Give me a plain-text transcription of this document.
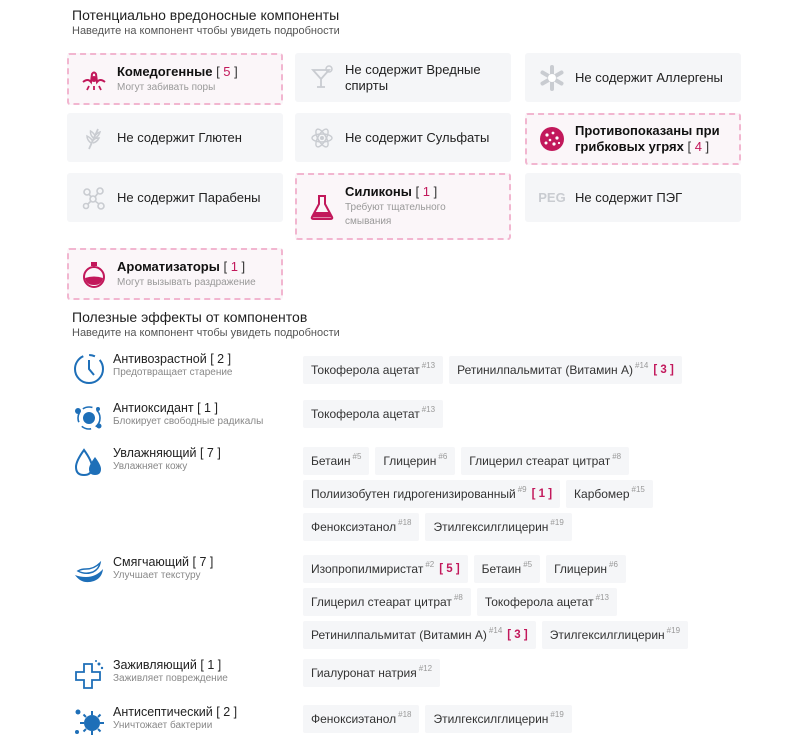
Потенциально вредоносные компоненты
Наведите на компонент чтобы увидеть подробности
Комедогенные [ 5 ]
Могут забивать поры
Не содержит Вредные спирты
Не содержит Аллергены
Не содержит Глютен	Не содержит Сульфаты	Противопоказаны при грибковых угрях [ 4 ]
Не содержит Парабены	Силиконы [ 1 ]
Требуют тщательного смывания
PEG Не содержит ПЭГ
Ароматизаторы [ 1 ]
Могут вызывать раздражение
Полезные эффекты от компонентов
Наведите на компонент чтобы увидеть подробности
Антивозрастной [ 2 ]
Предотвращает старение	Токоферола ацетат $^{\#13}$ Ретинилпальмитат (Витамин А) $^{\#14}$ [ 3 ]
Антиоксидант [ 1 ]
Блокирует свободные радикалы
Токоферола ацетат $^{\#13}$
Увлажняющий [ 7 ]
Увлажняет кожу	Бетаин $^{\#5}$ Глицерин $^{\#6}$ Глицерил стеарат цитрат $^{\#8}$
Полиизобутен гидрогенизированный $^{\#9}$ [ 1 ] Карбомер $^{\#15}$
Феноксиэтанол $^{\#18}$ Этилгексилглицерин $^{\#19}$
Смягчающий [ 7 ]
Улучшает текстуру	Изопропилмиристат $^{\#2}$ [ 5 ] Бетаин $^{\#5}$ Глицерин $^{\#6}$
Глицерил стеарат цитрат $^{\#8}$ Токоферола ацетат $^{\#13}$
Ретинилпальмитат (Витамин А) $^{\#14}$ [ 3 ] Этилгексилглицерин $^{\#19}$
Заживляющий [ 1 ]
Заживляет повреждение	Гиалуронат натрия $^{\#12}$
Антисептический [ 2 ]
Уничтожает бактерии	Феноксиэтанол $^{\#18}$ Этилгексилглицерин $^{\#19}$
